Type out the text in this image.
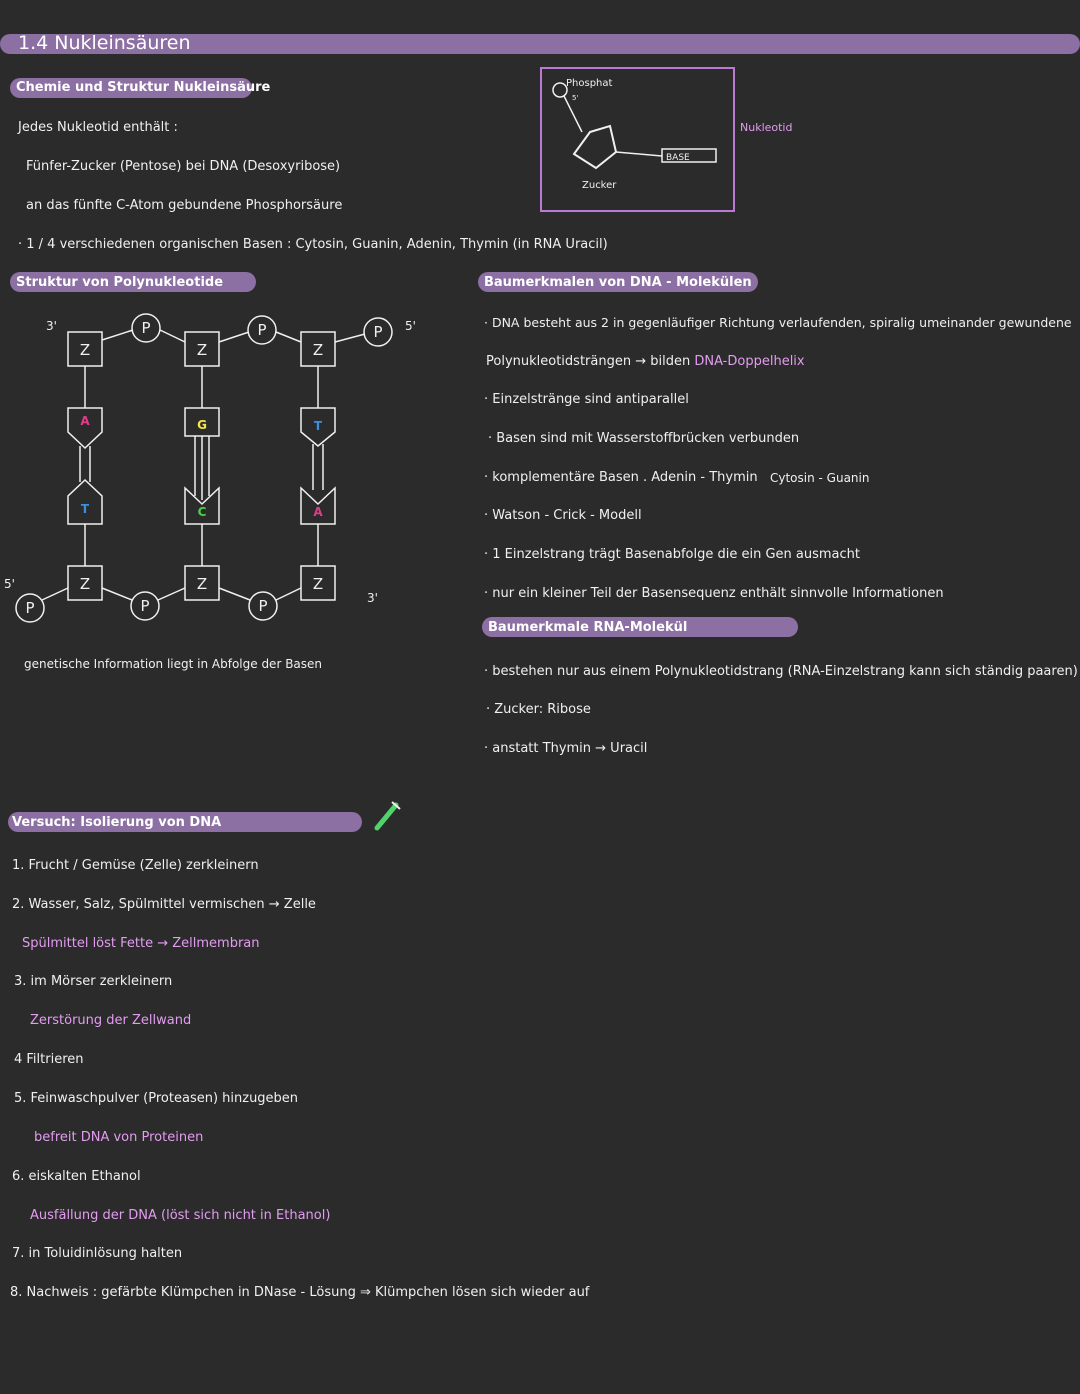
1.4 Nukleinsäuren
Chemie und Struktur Nukleinsäure
Jedes Nukleotid enthält :
Fünfer-Zucker (Pentose) bei DNA (Desoxyribose)
an das fünfte C-Atom gebundene Phosphorsäure
· 1 / 4 verschiedenen organischen Basen : Cytosin, Guanin, Adenin, Thymin (in RNA Uracil)
Phosphat
5'
Zucker
BASE
Nukleotid
Struktur von Polynukleotide
Z	Z	Z
Z	Z	Z
P	P	P
P	P	P
A	G	T
T	C	A
3'	5'
5'
3'
genetische Information liegt in Abfolge der Basen
Baumerkmalen von DNA - Molekülen
· DNA besteht aus 2 in gegenläufiger Richtung verlaufenden, spiralig umeinander gewundene
Polynukleotidsträngen → bilden DNA-Doppelhelix
· Einzelstränge sind antiparallel
· Basen sind mit Wasserstoffbrücken verbunden
· komplementäre Basen . Adenin - Thymin Cytosin - Guanin
· Watson - Crick - Modell
· 1 Einzelstrang trägt Basenabfolge die ein Gen ausmacht
· nur ein kleiner Teil der Basensequenz enthält sinnvolle Informationen
Baumerkmale RNA-Molekül
· bestehen nur aus einem Polynukleotidstrang (RNA-Einzelstrang kann sich ständig paaren)
· Zucker: Ribose
· anstatt Thymin → Uracil
Versuch: Isolierung von DNA
1. Frucht / Gemüse (Zelle) zerkleinern
2. Wasser, Salz, Spülmittel vermischen → Zelle
Spülmittel löst Fette → Zellmembran
3. im Mörser zerkleinern
Zerstörung der Zellwand
4 Filtrieren
5. Feinwaschpulver (Proteasen) hinzugeben
befreit DNA von Proteinen
6. eiskalten Ethanol
Ausfällung der DNA (löst sich nicht in Ethanol)
7. in Toluidinlösung halten
8. Nachweis : gefärbte Klümpchen in DNase - Lösung ⇒ Klümpchen lösen sich wieder auf
